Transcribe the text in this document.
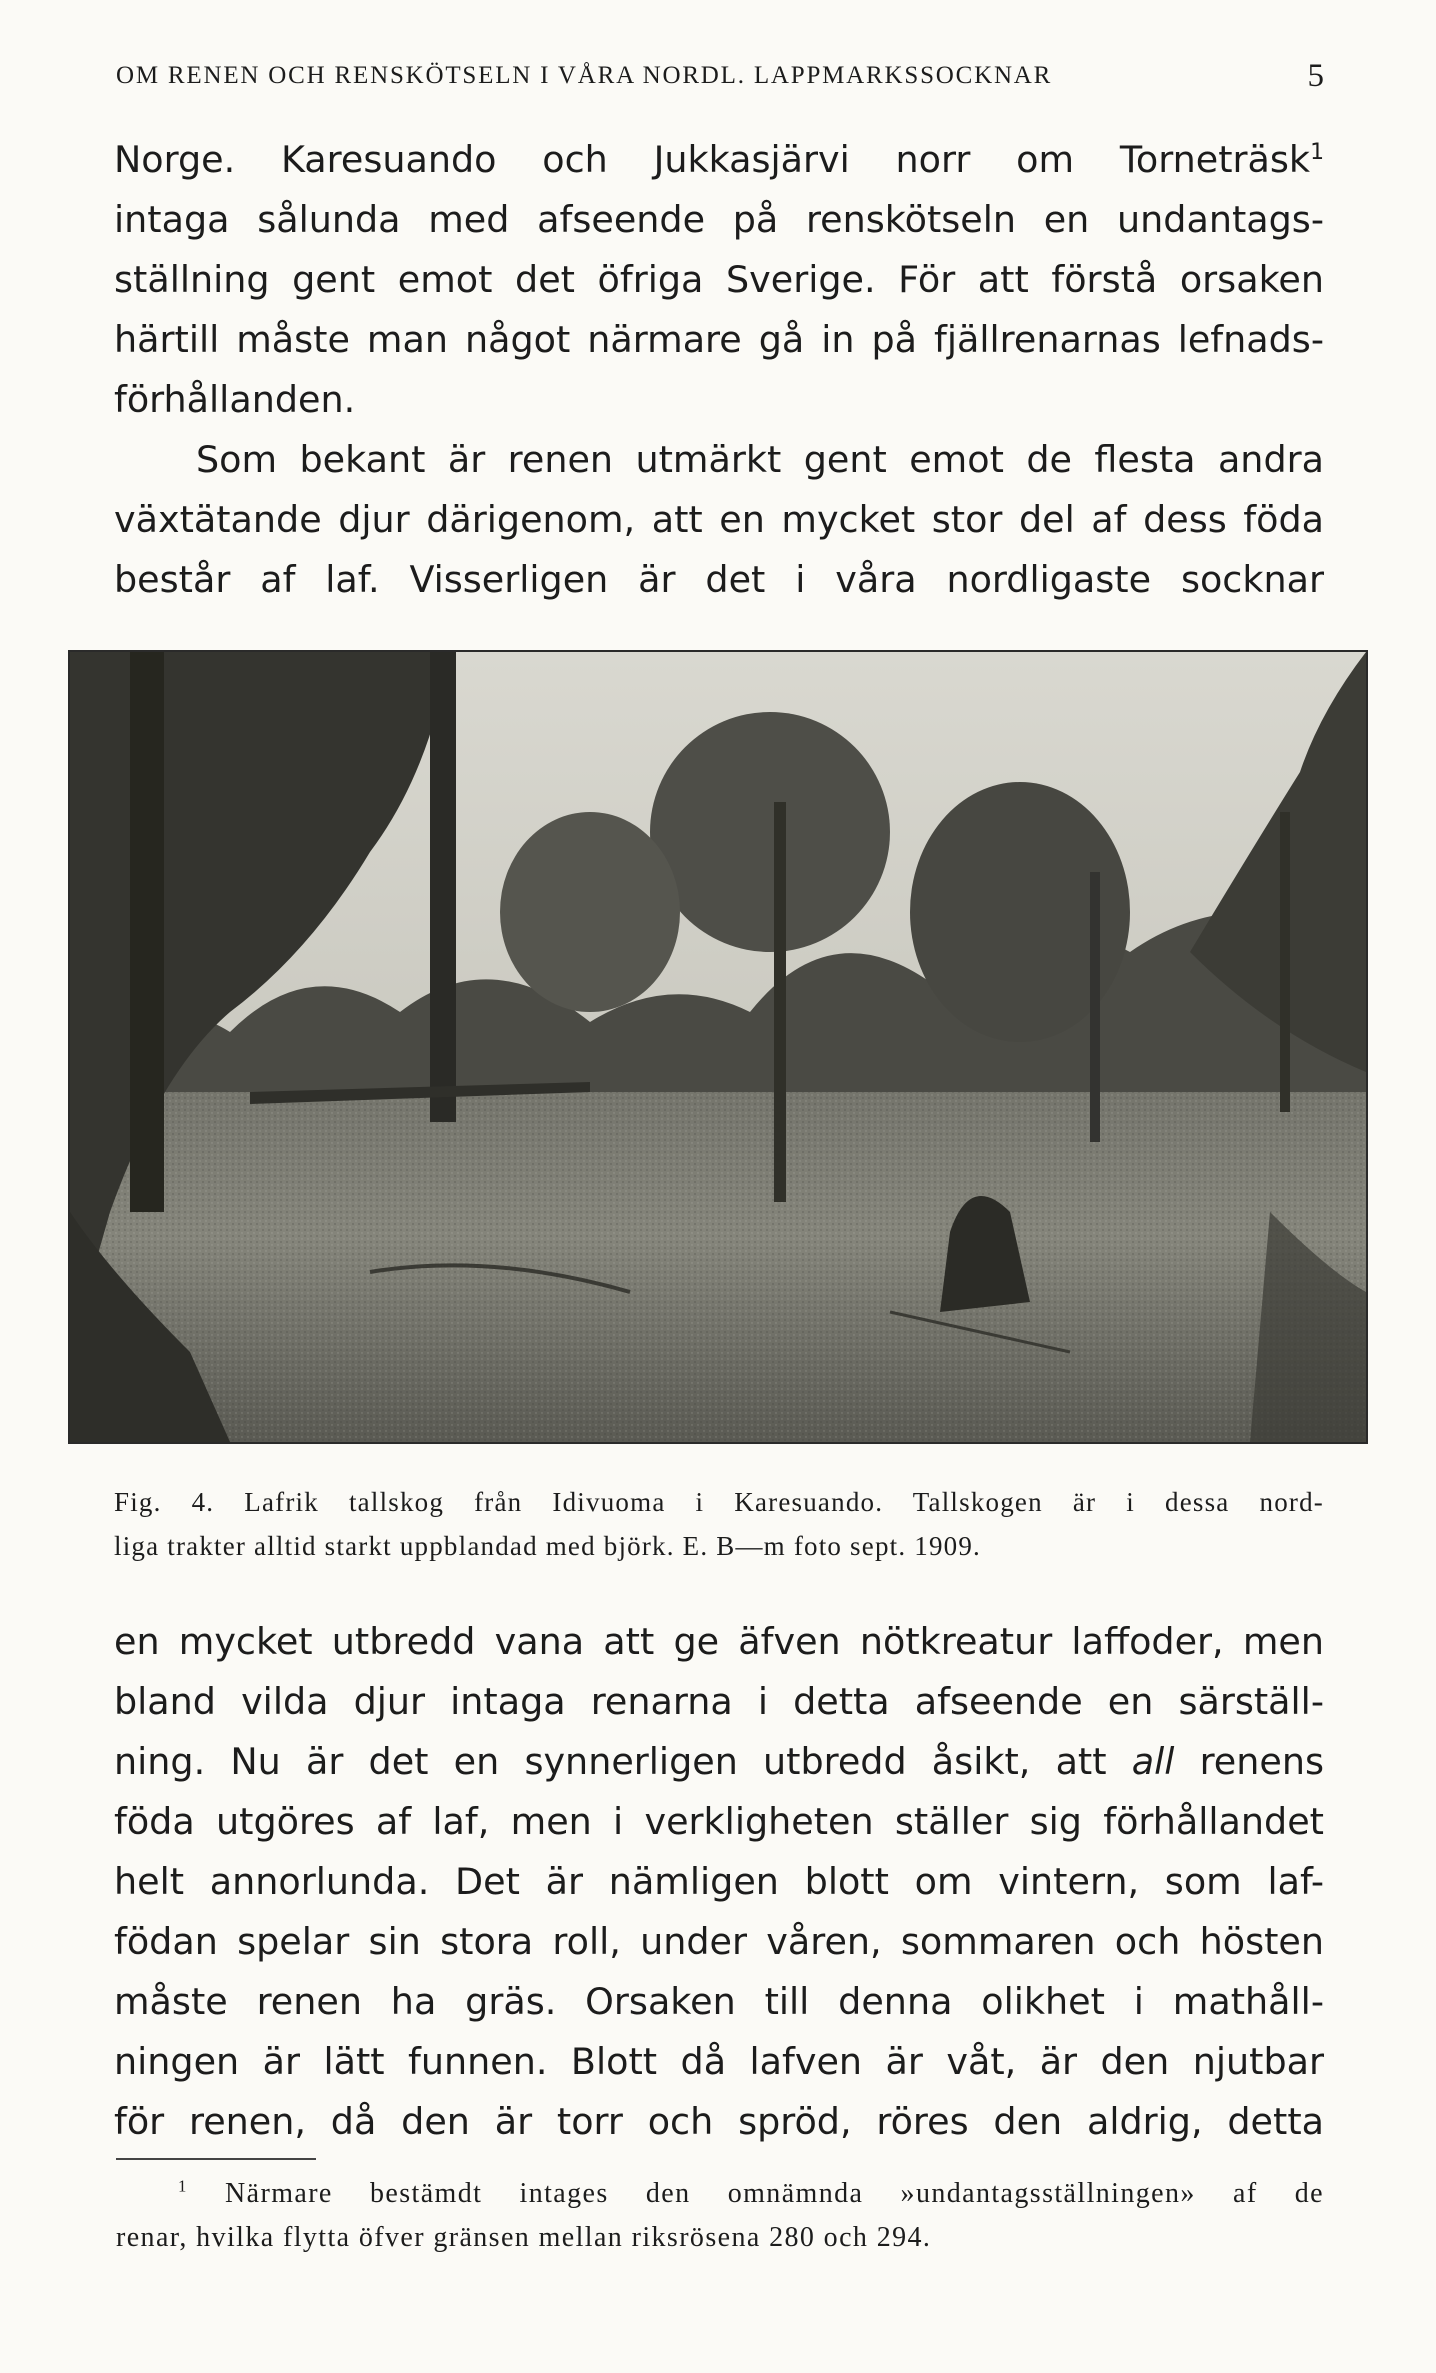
OM RENEN OCH RENSKÖTSELN I VÅRA NORDL. LAPPMARKSSOCKNAR	5
Norge. Karesuando och Jukkasjärvi norr om Torneträsk$^1$
intaga sålunda med afseende på renskötseln en undantags-
ställning gent emot det öfriga Sverige. För att förstå orsaken
härtill måste man något närmare gå in på fjällrenarnas lefnads-
förhållanden.
Som bekant är renen utmärkt gent emot de flesta andra
växtätande djur därigenom, att en mycket stor del af dess föda
består af laf. Visserligen är det i våra nordligaste socknar
Fig. 4. Lafrik tallskog från Idivuoma i Karesuando. Tallskogen är i dessa nord-
liga trakter alltid starkt uppblandad med björk. E. B—m foto sept. 1909.
en mycket utbredd vana att ge äfven nötkreatur laffoder, men
bland vilda djur intaga renarna i detta afseende en särställ-
ning. Nu är det en synnerligen utbredd åsikt, att all renens
föda utgöres af laf, men i verkligheten ställer sig förhållandet
helt annorlunda. Det är nämligen blott om vintern, som laf-
födan spelar sin stora roll, under våren, sommaren och hösten
måste renen ha gräs. Orsaken till denna olikhet i mathåll-
ningen är lätt funnen. Blott då lafven är våt, är den njutbar
för renen, då den är torr och spröd, röres den aldrig, detta
$^1$ Närmare bestämdt intages den omnämnda »undantagsställningen» af de
renar, hvilka flytta öfver gränsen mellan riksrösena 280 och 294.
